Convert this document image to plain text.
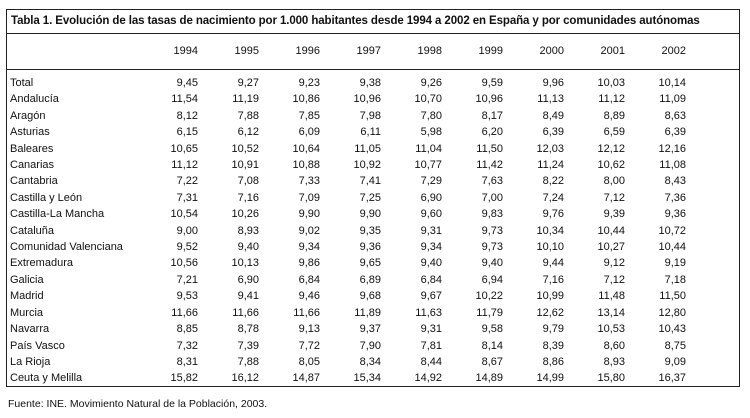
Tabla 1. Evolución de las tasas de nacimiento por 1.000 habitantes desde 1994 a 2002 en España y por comunidades autónomas
	1994	1995	1996	1997	1998	1999	2000	2001	2002

Total	9,45	9,27	9,23	9,38	9,26	9,59	9,96	10,03	10,14
Andalucía	11,54	11,19	10,86	10,96	10,70	10,96	11,13	11,12	11,09
Aragón	8,12	7,88	7,85	7,98	7,80	8,17	8,49	8,89	8,63
Asturias	6,15	6,12	6,09	6,11	5,98	6,20	6,39	6,59	6,39
Baleares	10,65	10,52	10,64	11,05	11,04	11,50	12,03	12,12	12,16
Canarias	11,12	10,91	10,88	10,92	10,77	11,42	11,24	10,62	11,08
Cantabria	7,22	7,08	7,33	7,41	7,29	7,63	8,22	8,00	8,43
Castilla y León	7,31	7,16	7,09	7,25	6,90	7,00	7,24	7,12	7,36
Castilla-La Mancha	10,54	10,26	9,90	9,90	9,60	9,83	9,76	9,39	9,36
Cataluña	9,00	8,93	9,02	9,35	9,31	9,73	10,34	10,44	10,72
Comunidad Valenciana	9,52	9,40	9,34	9,36	9,34	9,73	10,10	10,27	10,44
Extremadura	10,56	10,13	9,86	9,65	9,40	9,40	9,44	9,12	9,19
Galicia	7,21	6,90	6,84	6,89	6,84	6,94	7,16	7,12	7,18
Madrid	9,53	9,41	9,46	9,68	9,67	10,22	10,99	11,48	11,50
Murcia	11,66	11,66	11,66	11,89	11,63	11,79	12,62	13,14	12,80
Navarra	8,85	8,78	9,13	9,37	9,31	9,58	9,79	10,53	10,43
País Vasco	7,32	7,39	7,72	7,90	7,81	8,14	8,39	8,60	8,75
La Rioja	8,31	7,88	8,05	8,34	8,44	8,67	8,86	8,93	9,09
Ceuta y Melilla	15,82	16,12	14,87	15,34	14,92	14,89	14,99	15,80	16,37
Fuente: INE. Movimiento Natural de la Población, 2003.
